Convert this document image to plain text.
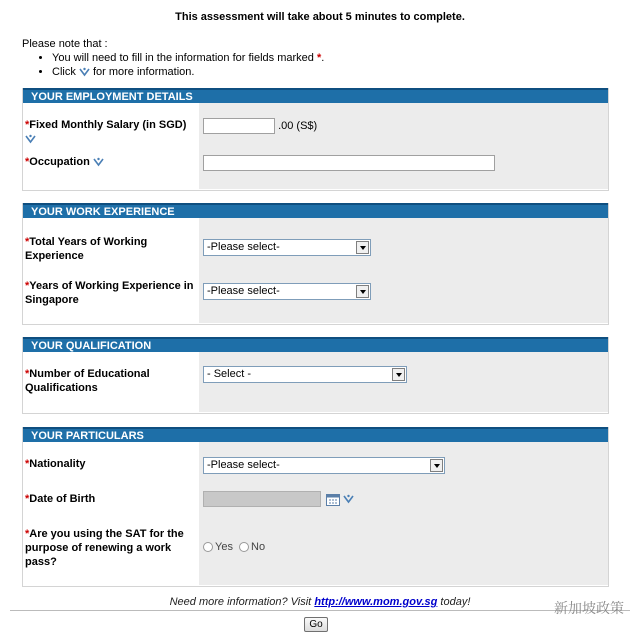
This assessment will take about 5 minutes to complete.
Please note that :
• You will need to fill in the information for fields marked *.
• Click for more information.
YOUR EMPLOYMENT DETAILS
*Fixed Monthly Salary (in SGD)	.00 (S$)
*Occupation
YOUR WORK EXPERIENCE
*Total Years of Working Experience
-Please select-
*Years of Working Experience in Singapore
-Please select-
YOUR QUALIFICATION
*Number of Educational Qualifications
- Select -
YOUR PARTICULARS
*Nationality	-Please select-
*Date of Birth

*Are you using the SAT for the purpose of renewing a work pass?
Yes No
Need more information? Visit http://www.mom.gov.sg today!
Go
新加坡政策
